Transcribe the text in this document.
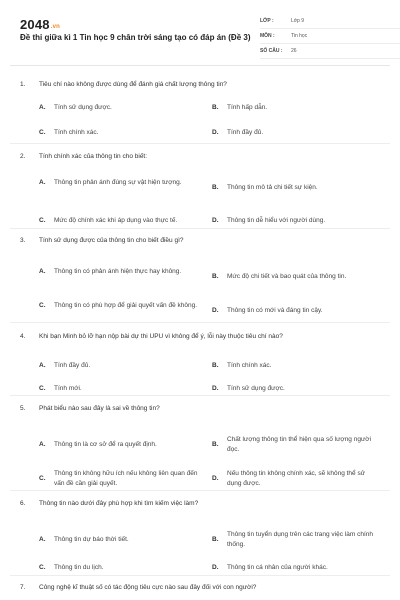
2048.vn
Đề thi giữa kì 1 Tin học 9 chân trời sáng tạo có đáp án (Đề 3)
LỚP :	Lớp 9
MÔN :	Tin học
SỐ CÂU :	26
1.	Tiêu chí nào không được dùng để đánh giá chất lượng thông tin?
A.	Tính sử dụng được.	B.	Tính hấp dẫn.
C.	Tính chính xác.	D.	Tính đầy đủ.
2.	Tính chính xác của thông tin cho biết:
A.	Thông tin phản ánh đúng sự vật hiện tượng.
B.	Thông tin mô tả chi tiết sự kiện.
C.	Mức độ chính xác khi áp dụng vào thực tế.	D.	Thông tin dễ hiểu với người dùng.
3.	Tính sử dụng được của thông tin cho biết điều gì?
A.	Thông tin có phản ánh hiện thực hay không.
B.	Mức độ chi tiết và bao quát của thông tin.
C.	Thông tin có phù hợp để giải quyết vấn đề không.
D.	Thông tin có mới và đáng tin cậy.
4.	Khi bạn Minh bỏ lỡ hạn nộp bài dự thi UPU vì không để ý, lỗi này thuộc tiêu chí nào?
A.	Tính đầy đủ.	B.	Tính chính xác.
C.	Tính mới.	D.	Tính sử dụng được.
5.	Phát biểu nào sau đây là sai về thông tin?
A.	Thông tin là cơ sở để ra quyết định.	B.
Chất lượng thông tin thể hiện qua số lượng người đọc.
C.
Thông tin không hữu ích nếu không liên quan đến vấn đề cần giải quyết.
D.
Nếu thông tin không chính xác, sẽ không thể sử dụng được.
6.	Thông tin nào dưới đây phù hợp khi tìm kiếm việc làm?
A.	Thông tin dự báo thời tiết.	B.
Thông tin tuyển dụng trên các trang việc làm chính thống.
C.	Thông tin du lịch.	D.	Thông tin cá nhân của người khác.
7.	Công nghệ kĩ thuật số có tác động tiêu cực nào sau đây đối với con người?
